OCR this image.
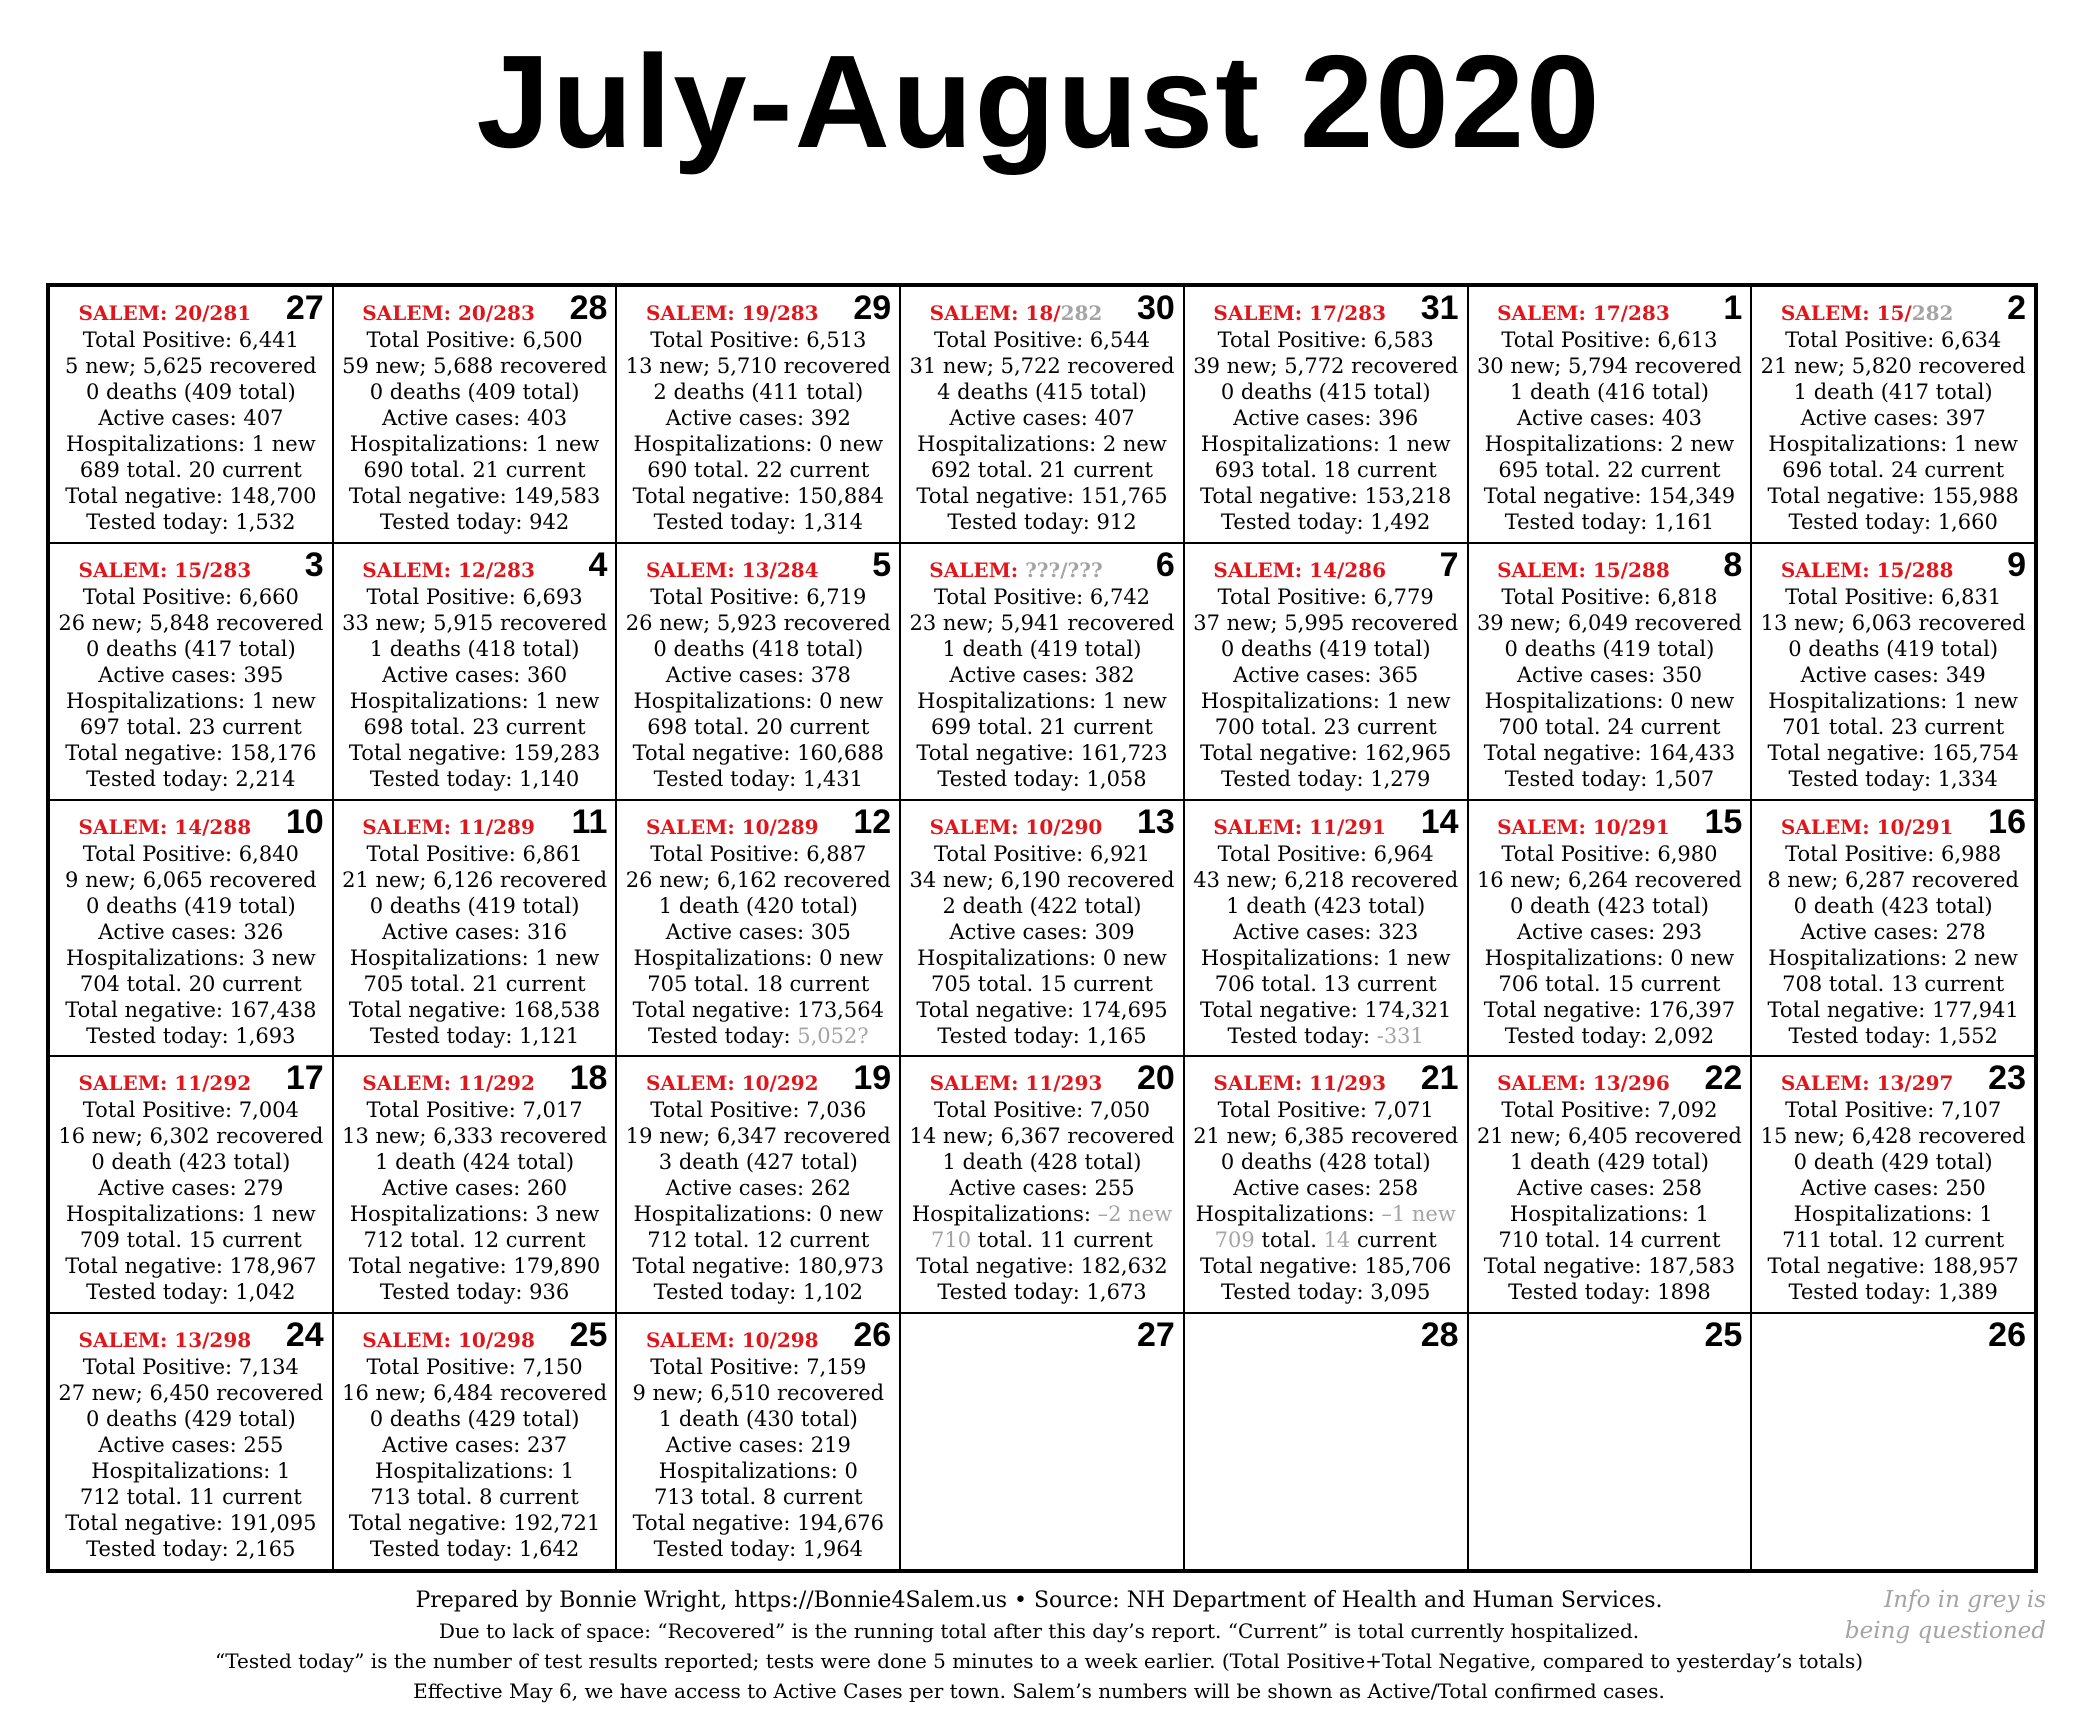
July-August 2020
SALEM: 20/281	27
Total Positive: 6,441
5 new; 5,625 recovered
0 deaths (409 total)
Active cases: 407
Hospitalizations: 1 new
689 total. 20 current
Total negative: 148,700
Tested today: 1,532
SALEM: 20/283	28
Total Positive: 6,500
59 new; 5,688 recovered
0 deaths (409 total)
Active cases: 403
Hospitalizations: 1 new
690 total. 21 current
Total negative: 149,583
Tested today: 942
SALEM: 19/283	29
Total Positive: 6,513
13 new; 5,710 recovered
2 deaths (411 total)
Active cases: 392
Hospitalizations: 0 new
690 total. 22 current
Total negative: 150,884
Tested today: 1,314
SALEM: 18/282	30
Total Positive: 6,544
31 new; 5,722 recovered
4 deaths (415 total)
Active cases: 407
Hospitalizations: 2 new
692 total. 21 current
Total negative: 151,765
Tested today: 912
SALEM: 17/283	31
Total Positive: 6,583
39 new; 5,772 recovered
0 deaths (415 total)
Active cases: 396
Hospitalizations: 1 new
693 total. 18 current
Total negative: 153,218
Tested today: 1,492
SALEM: 17/283	1
Total Positive: 6,613
30 new; 5,794 recovered
1 death (416 total)
Active cases: 403
Hospitalizations: 2 new
695 total. 22 current
Total negative: 154,349
Tested today: 1,161
SALEM: 15/282	2
Total Positive: 6,634
21 new; 5,820 recovered
1 death (417 total)
Active cases: 397
Hospitalizations: 1 new
696 total. 24 current
Total negative: 155,988
Tested today: 1,660
SALEM: 15/283	3
Total Positive: 6,660
26 new; 5,848 recovered
0 deaths (417 total)
Active cases: 395
Hospitalizations: 1 new
697 total. 23 current
Total negative: 158,176
Tested today: 2,214
SALEM: 12/283	4
Total Positive: 6,693
33 new; 5,915 recovered
1 deaths (418 total)
Active cases: 360
Hospitalizations: 1 new
698 total. 23 current
Total negative: 159,283
Tested today: 1,140
SALEM: 13/284	5
Total Positive: 6,719
26 new; 5,923 recovered
0 deaths (418 total)
Active cases: 378
Hospitalizations: 0 new
698 total. 20 current
Total negative: 160,688
Tested today: 1,431
SALEM: ???/???	6
Total Positive: 6,742
23 new; 5,941 recovered
1 death (419 total)
Active cases: 382
Hospitalizations: 1 new
699 total. 21 current
Total negative: 161,723
Tested today: 1,058
SALEM: 14/286	7
Total Positive: 6,779
37 new; 5,995 recovered
0 deaths (419 total)
Active cases: 365
Hospitalizations: 1 new
700 total. 23 current
Total negative: 162,965
Tested today: 1,279
SALEM: 15/288	8
Total Positive: 6,818
39 new; 6,049 recovered
0 deaths (419 total)
Active cases: 350
Hospitalizations: 0 new
700 total. 24 current
Total negative: 164,433
Tested today: 1,507
SALEM: 15/288	9
Total Positive: 6,831
13 new; 6,063 recovered
0 deaths (419 total)
Active cases: 349
Hospitalizations: 1 new
701 total. 23 current
Total negative: 165,754
Tested today: 1,334
SALEM: 14/288	10
Total Positive: 6,840
9 new; 6,065 recovered
0 deaths (419 total)
Active cases: 326
Hospitalizations: 3 new
704 total. 20 current
Total negative: 167,438
Tested today: 1,693
SALEM: 11/289	11
Total Positive: 6,861
21 new; 6,126 recovered
0 deaths (419 total)
Active cases: 316
Hospitalizations: 1 new
705 total. 21 current
Total negative: 168,538
Tested today: 1,121
SALEM: 10/289	12
Total Positive: 6,887
26 new; 6,162 recovered
1 death (420 total)
Active cases: 305
Hospitalizations: 0 new
705 total. 18 current
Total negative: 173,564
Tested today: 5,052?
SALEM: 10/290	13
Total Positive: 6,921
34 new; 6,190 recovered
2 death (422 total)
Active cases: 309
Hospitalizations: 0 new
705 total. 15 current
Total negative: 174,695
Tested today: 1,165
SALEM: 11/291	14
Total Positive: 6,964
43 new; 6,218 recovered
1 death (423 total)
Active cases: 323
Hospitalizations: 1 new
706 total. 13 current
Total negative: 174,321
Tested today: -331
SALEM: 10/291	15
Total Positive: 6,980
16 new; 6,264 recovered
0 death (423 total)
Active cases: 293
Hospitalizations: 0 new
706 total. 15 current
Total negative: 176,397
Tested today: 2,092
SALEM: 10/291	16
Total Positive: 6,988
8 new; 6,287 recovered
0 death (423 total)
Active cases: 278
Hospitalizations: 2 new
708 total. 13 current
Total negative: 177,941
Tested today: 1,552
SALEM: 11/292	17
Total Positive: 7,004
16 new; 6,302 recovered
0 death (423 total)
Active cases: 279
Hospitalizations: 1 new
709 total. 15 current
Total negative: 178,967
Tested today: 1,042
SALEM: 11/292	18
Total Positive: 7,017
13 new; 6,333 recovered
1 death (424 total)
Active cases: 260
Hospitalizations: 3 new
712 total. 12 current
Total negative: 179,890
Tested today: 936
SALEM: 10/292	19
Total Positive: 7,036
19 new; 6,347 recovered
3 death (427 total)
Active cases: 262
Hospitalizations: 0 new
712 total. 12 current
Total negative: 180,973
Tested today: 1,102
SALEM: 11/293	20
Total Positive: 7,050
14 new; 6,367 recovered
1 death (428 total)
Active cases: 255
Hospitalizations: –2 new
710 total. 11 current
Total negative: 182,632
Tested today: 1,673
SALEM: 11/293	21
Total Positive: 7,071
21 new; 6,385 recovered
0 deaths (428 total)
Active cases: 258
Hospitalizations: –1 new
709 total. 14 current
Total negative: 185,706
Tested today: 3,095
SALEM: 13/296	22
Total Positive: 7,092
21 new; 6,405 recovered
1 death (429 total)
Active cases: 258
Hospitalizations: 1
710 total. 14 current
Total negative: 187,583
Tested today: 1898
SALEM: 13/297	23
Total Positive: 7,107
15 new; 6,428 recovered
0 death (429 total)
Active cases: 250
Hospitalizations: 1
711 total. 12 current
Total negative: 188,957
Tested today: 1,389
SALEM: 13/298	24
Total Positive: 7,134
27 new; 6,450 recovered
0 deaths (429 total)
Active cases: 255
Hospitalizations: 1
712 total. 11 current
Total negative: 191,095
Tested today: 2,165
SALEM: 10/298	25
Total Positive: 7,150
16 new; 6,484 recovered
0 deaths (429 total)
Active cases: 237
Hospitalizations: 1
713 total. 8 current
Total negative: 192,721
Tested today: 1,642
SALEM: 10/298	26
Total Positive: 7,159
9 new; 6,510 recovered
1 death (430 total)
Active cases: 219
Hospitalizations: 0
713 total. 8 current
Total negative: 194,676
Tested today: 1,964
27	28	25	26
Prepared by Bonnie Wright, https://Bonnie4Salem.us • Source: NH Department of Health and Human Services.
Due to lack of space: “Recovered” is the running total after this day’s report. “Current” is total currently hospitalized.
“Tested today” is the number of test results reported; tests were done 5 minutes to a week earlier. (Total Positive+Total Negative, compared to yesterday’s totals)
Effective May 6, we have access to Active Cases per town. Salem’s numbers will be shown as Active/Total confirmed cases.
Info in grey is
being questioned
